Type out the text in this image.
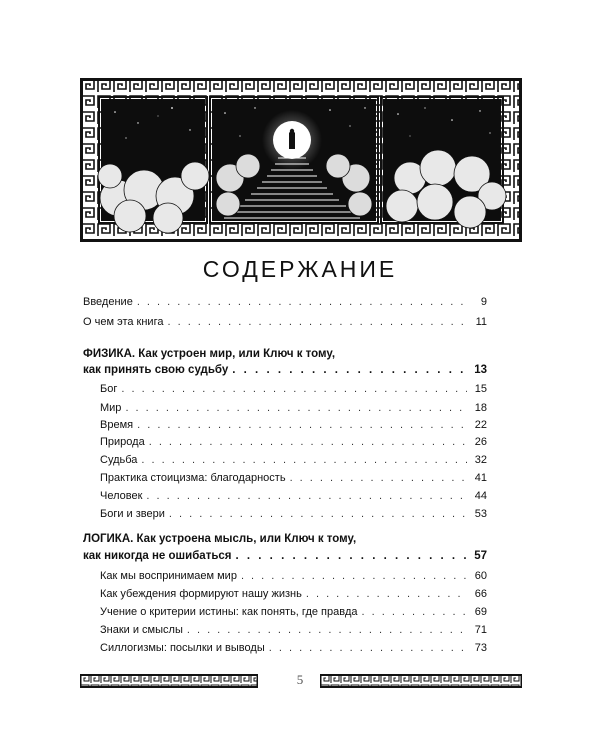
СОДЕРЖАНИЕ
Введение . . .	9
О чем эта книга . . .	11
ФИЗИКА. Как устроен мир, или Ключ к тому,
как принять свою судьбу . . .	13
Бог . . .	15
Мир . . .	18
Время . . .	22
Природа . . .	26
Судьба . . .	32
Практика стоицизма: благодарность . . .	41
Человек . . .	44
Боги и звери . . .	53
ЛОГИКА. Как устроена мысль, или Ключ к тому,
как никогда не ошибаться . . .	57
Как мы воспринимаем мир . . .	60
Как убеждения формируют нашу жизнь . . .	66
Учение о критерии истины: как понять, где правда . . .	69
Знаки и смыслы . . .	71
Силлогизмы: посылки и выводы . . .	73
5
